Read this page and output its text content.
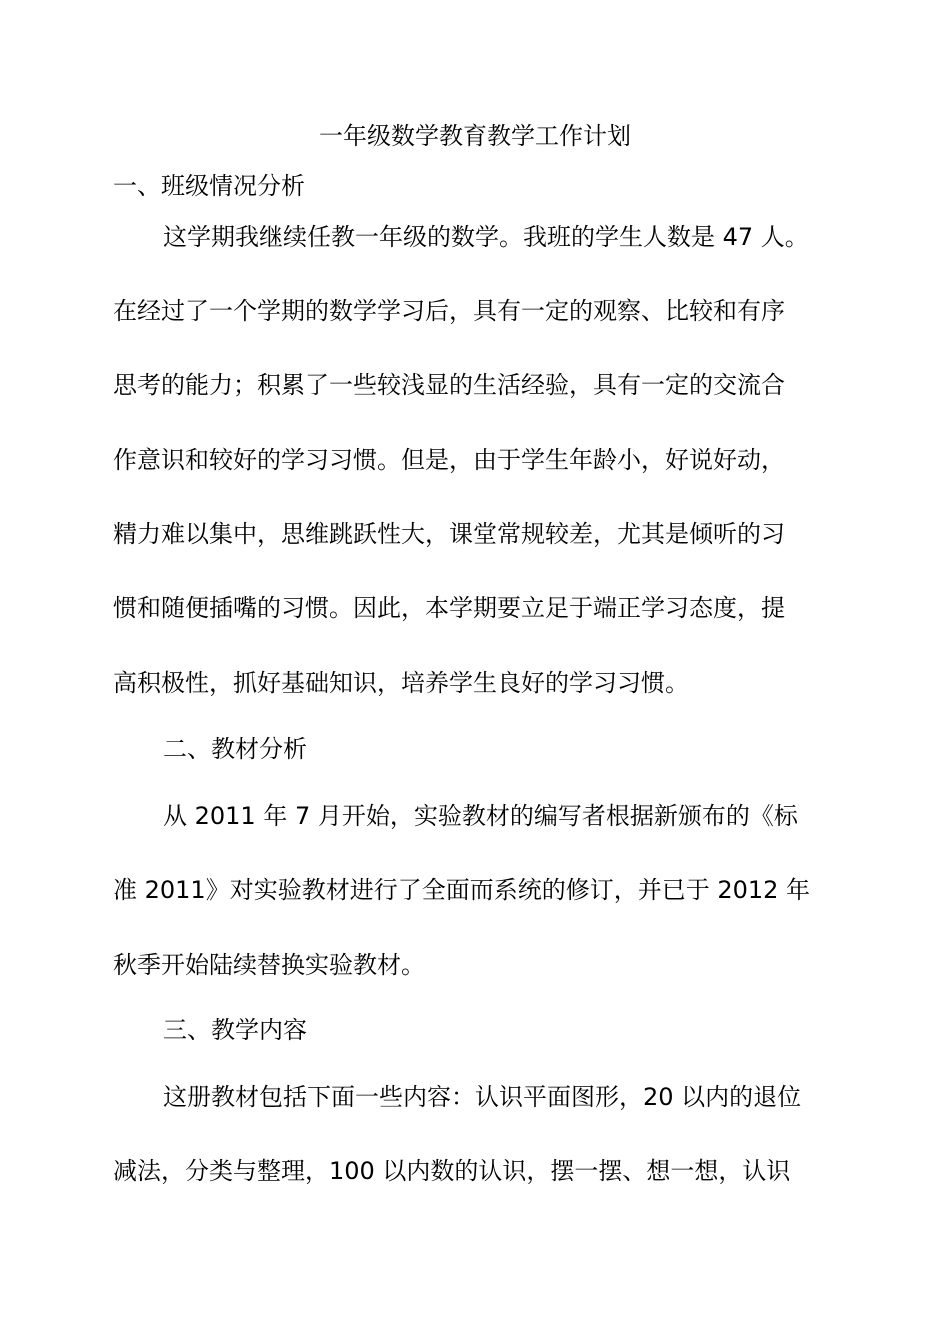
一年级数学教育教学工作计划
一、班级情况分析
这学期我继续任教一年级的数学。我班的学生人数是 47 人。
在经过了一个学期的数学学习后，具有一定的观察、比较和有序
思考的能力；积累了一些较浅显的生活经验，具有一定的交流合
作意识和较好的学习习惯。但是，由于学生年龄小，好说好动，
精力难以集中，思维跳跃性大，课堂常规较差，尤其是倾听的习
惯和随便插嘴的习惯。因此，本学期要立足于端正学习态度，提
高积极性，抓好基础知识，培养学生良好的学习习惯。
二、教材分析
从 2011 年 7 月开始，实验教材的编写者根据新颁布的《标
准 2011》对实验教材进行了全面而系统的修订，并已于 2012 年
秋季开始陆续替换实验教材。
三、教学内容
这册教材包括下面一些内容：认识平面图形，20 以内的退位
减法，分类与整理，100 以内数的认识，摆一摆、想一想，认识
